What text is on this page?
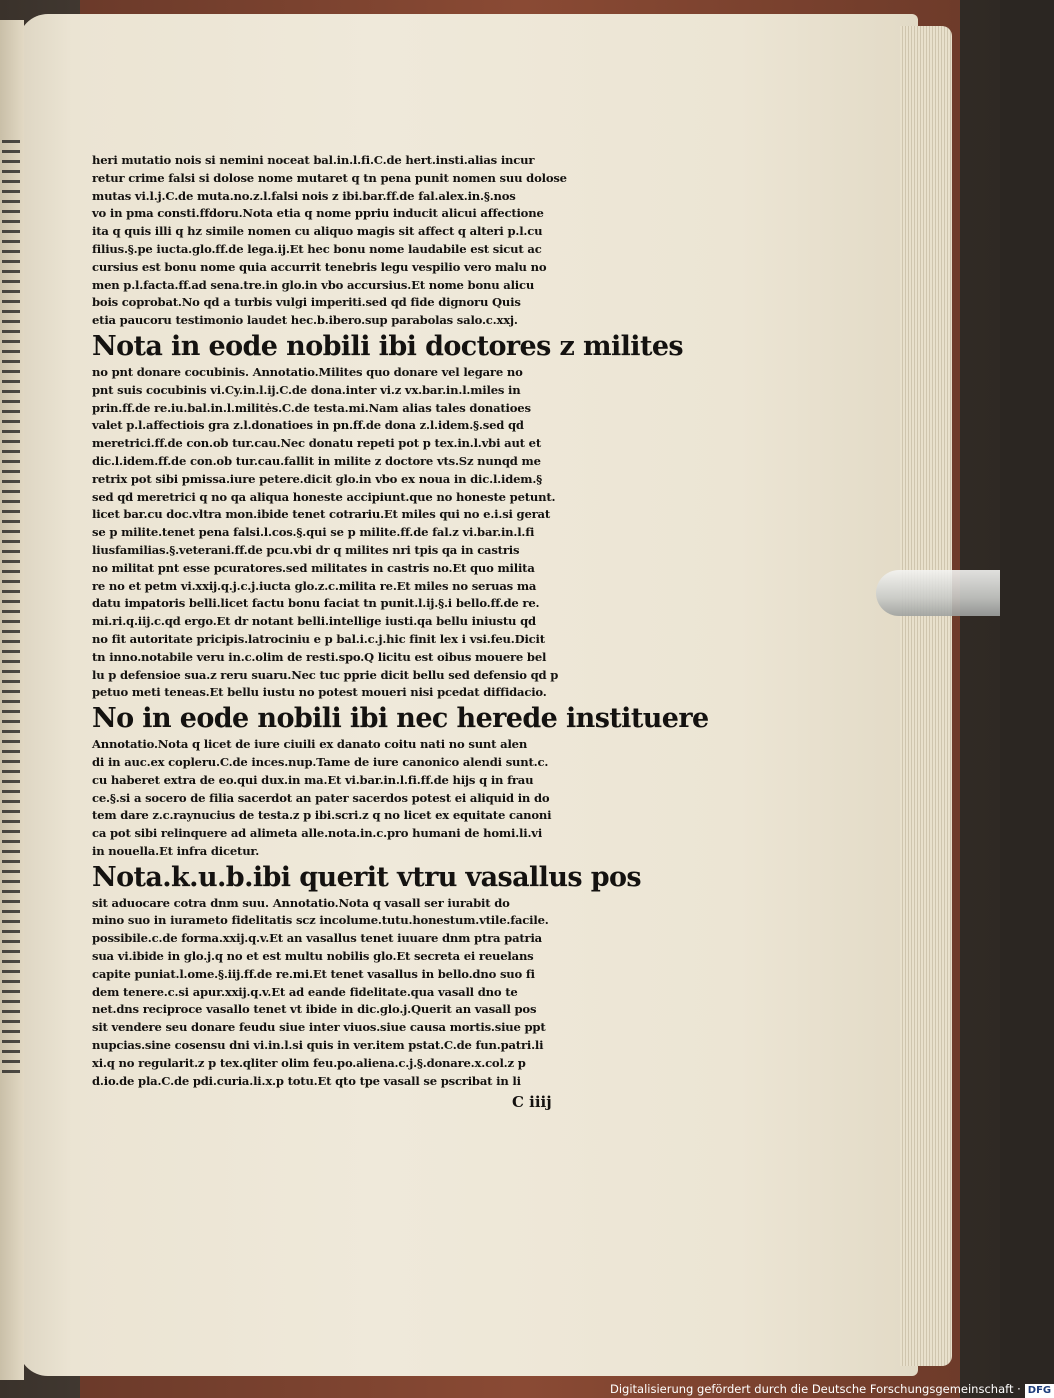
heri mutatio nois si nemini noceat bal.in.l.fi.C.de hert.insti.alias incur
retur crime falsi si dolose nome mutaret q tn pena punit nomen suu dolose
mutas vi.l.j.C.de muta.no.z.l.falsi nois z ibi.bar.ff.de fal.alex.in.§.nos
vo in pma consti.ffdoru.Nota etia q nome ppriu inducit alicui affectione
ita q quis illi q hz simile nomen cu aliquo magis sit affect q alteri p.l.cu
filius.§.pe iucta.glo.ff.de lega.ij.Et hec bonu nome laudabile est sicut ac
cursius est bonu nome quia accurrit tenebris legu vespilio vero malu no
men p.l.facta.ff.ad sena.tre.in glo.in vbo accursius.Et nome bonu alicu
bois coprobat.No qd a turbis vulgi imperiti.sed qd fide dignoru Quis
etia paucoru testimonio laudet hec.b.ibero.sup parabolas salo.c.xxj.
Nota in eode nobili ibi doctores z milites
no pnt donare cocubinis. Annotatio.Milites quo donare vel legare no
pnt suis cocubinis vi.Cy.in.l.ij.C.de dona.inter vi.z vx.bar.in.l.miles in
prin.ff.de re.iu.bal.in.l.militės.C.de testa.mi.Nam alias tales donatioes
valet p.l.affectiois gra z.l.donatioes in pn.ff.de dona z.l.idem.§.sed qd
meretrici.ff.de con.ob tur.cau.Nec donatu repeti pot p tex.in.l.vbi aut et
dic.l.idem.ff.de con.ob tur.cau.fallit in milite z doctore vts.Sz nunqd me
retrix pot sibi pmissa.iure petere.dicit glo.in vbo ex noua in dic.l.idem.§
sed qd meretrici q no qa aliqua honeste accipiunt.que no honeste petunt.
licet bar.cu doc.vltra mon.ibide tenet cotrariu.Et miles qui no e.i.si gerat
se p milite.tenet pena falsi.l.cos.§.qui se p milite.ff.de fal.z vi.bar.in.l.fi
liusfamilias.§.veterani.ff.de pcu.vbi dr q milites nri tpis qa in castris
no militat pnt esse pcuratores.sed militates in castris no.Et quo milita
re no et petm vi.xxij.q.j.c.j.iucta glo.z.c.milita re.Et miles no seruas ma
datu impatoris belli.licet factu bonu faciat tn punit.l.ij.§.i bello.ff.de re.
mi.ri.q.iij.c.qd ergo.Et dr notant belli.intellige iusti.qa bellu iniustu qd
no fit autoritate pricipis.latrociniu e p bal.i.c.j.hic finit lex i vsi.feu.Dicit
tn inno.notabile veru in.c.olim de resti.spo.Q licitu est oibus mouere bel
lu p defensioe sua.z reru suaru.Nec tuc pprie dicit bellu sed defensio qd p
petuo meti teneas.Et bellu iustu no potest moueri nisi pcedat diffidacio.
No in eode nobili ibi nec herede instituere
Annotatio.Nota q licet de iure ciuili ex danato coitu nati no sunt alen
di in auc.ex copleru.C.de inces.nup.Tame de iure canonico alendi sunt.c.
cu haberet extra de eo.qui dux.in ma.Et vi.bar.in.l.fi.ff.de hijs q in frau
ce.§.si a socero de filia sacerdot an pater sacerdos potest ei aliquid in do
tem dare z.c.raynucius de testa.z p ibi.scri.z q no licet ex equitate canoni
ca pot sibi relinquere ad alimeta alle.nota.in.c.pro humani de homi.li.vi
in nouella.Et infra dicetur.
Nota.k.u.b.ibi querit vtru vasallus pos
sit aduocare cotra dnm suu. Annotatio.Nota q vasall ser iurabit do
mino suo in iurameto fidelitatis scz incolume.tutu.honestum.vtile.facile.
possibile.c.de forma.xxij.q.v.Et an vasallus tenet iuuare dnm ptra patria
sua vi.ibide in glo.j.q no et est multu nobilis glo.Et secreta ei reuelans
capite puniat.l.ome.§.iij.ff.de re.mi.Et tenet vasallus in bello.dno suo fi
dem tenere.c.si apur.xxij.q.v.Et ad eande fidelitate.qua vasall dno te
net.dns reciproce vasallo tenet vt ibide in dic.glo.j.Querit an vasall pos
sit vendere seu donare feudu siue inter viuos.siue causa mortis.siue ppt
nupcias.sine cosensu dni vi.in.l.si quis in ver.item pstat.C.de fun.patri.li
xi.q no regularit.z p tex.qliter olim feu.po.aliena.c.j.§.donare.x.col.z p
d.io.de pla.C.de pdi.curia.li.x.p totu.Et qto tpe vasall se pscribat in li
C iiij
Digitalisierung gefördert durch die Deutsche Forschungsgemeinschaft · DFG
